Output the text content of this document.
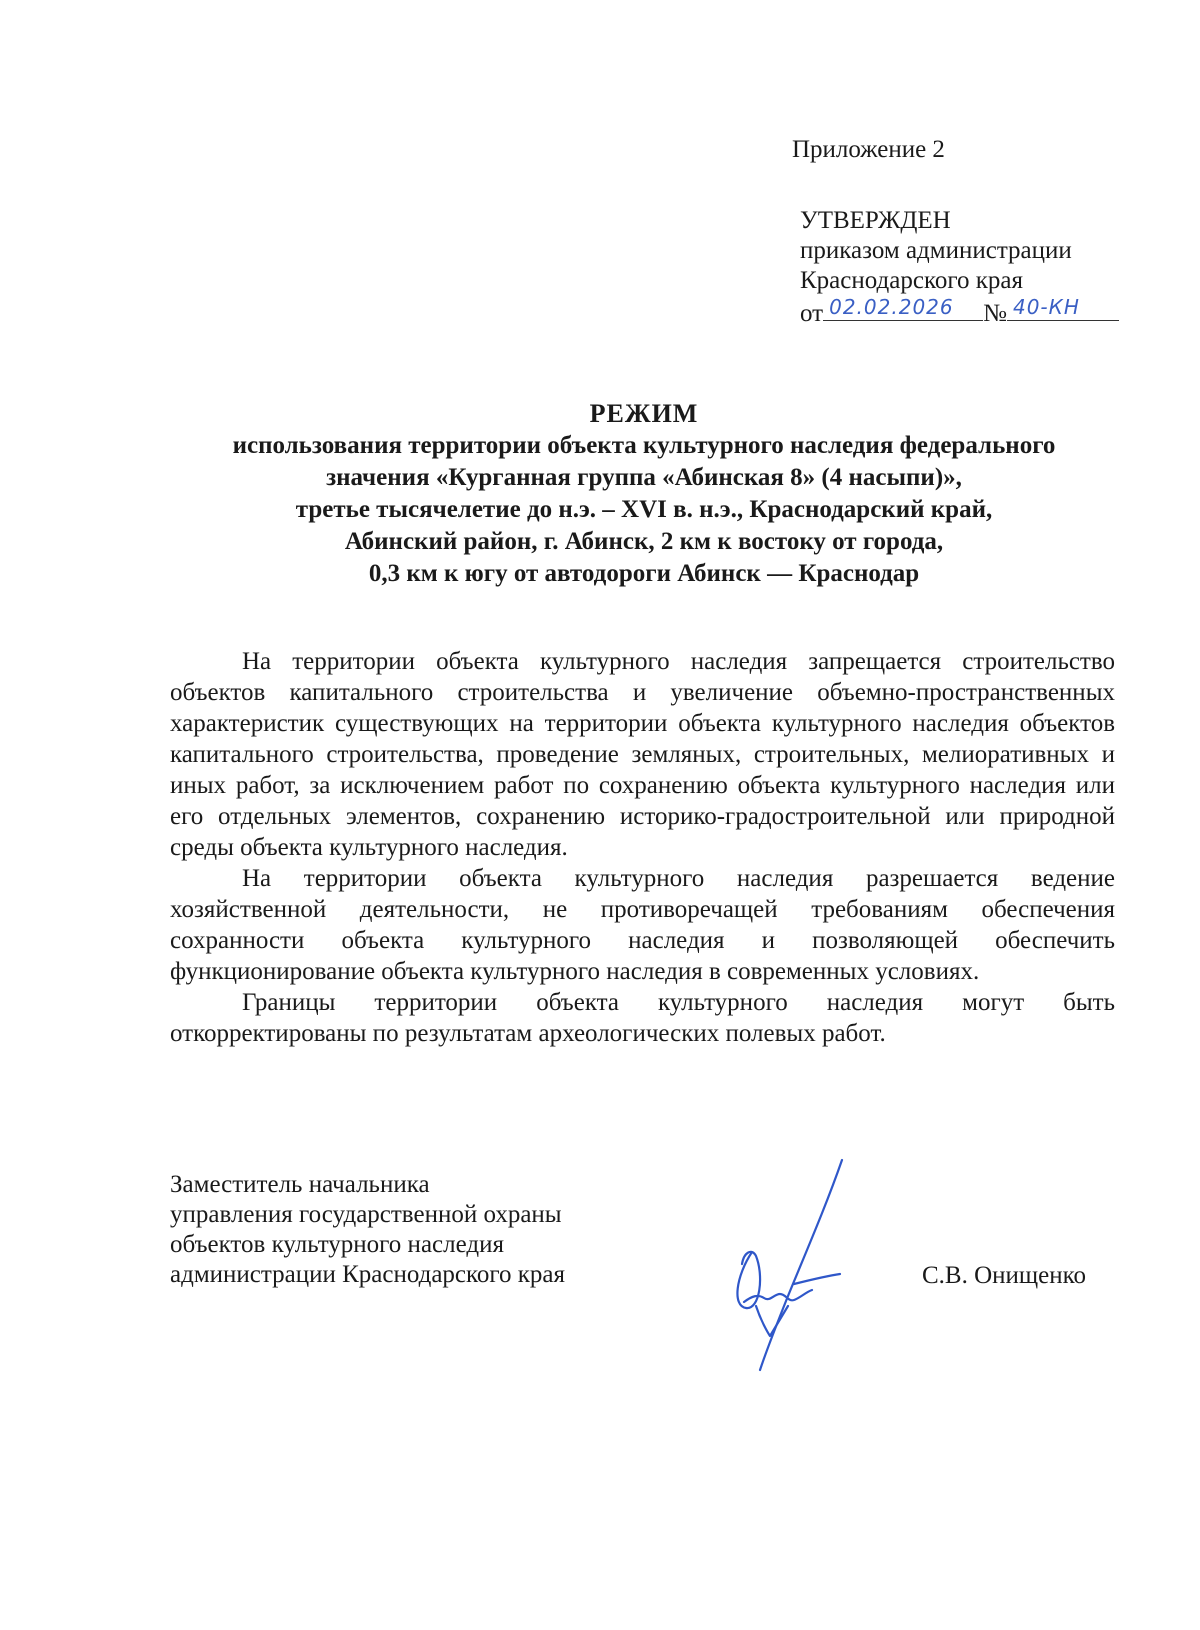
Приложение 2
УТВЕРЖДЕН
приказом администрации
Краснодарского края
от 02.02.2026 № 40-КН
РЕЖИМ
использования территории объекта культурного наследия федерального
значения «Курганная группа «Абинская 8» (4 насыпи)»,
третье тысячелетие до н.э. – XVI в. н.э., Краснодарский край,
Абинский район, г. Абинск, 2 км к востоку от города,
0,3 км к югу от автодороги Абинск — Краснодар

На территории объекта культурного наследия запрещается строительство объектов капитального строительства и увеличение объемно-пространственных характеристик существующих на территории объекта культурного наследия объектов капитального строительства, проведение земляных, строительных, мелиоративных и иных работ, за исключением работ по сохранению объекта культурного наследия или его отдельных элементов, сохранению историко-градостроительной или природной среды объекта культурного наследия.

На территории объекта культурного наследия разрешается ведение хозяйственной деятельности, не противоречащей требованиям обеспечения сохранности объекта культурного наследия и позволяющей обеспечить функционирование объекта культурного наследия в современных условиях.

Границы территории объекта культурного наследия могут быть откорректированы по результатам археологических полевых работ.

Заместитель начальника
управления государственной охраны
объектов культурного наследия
администрации Краснодарского края	С.В. Онищенко
